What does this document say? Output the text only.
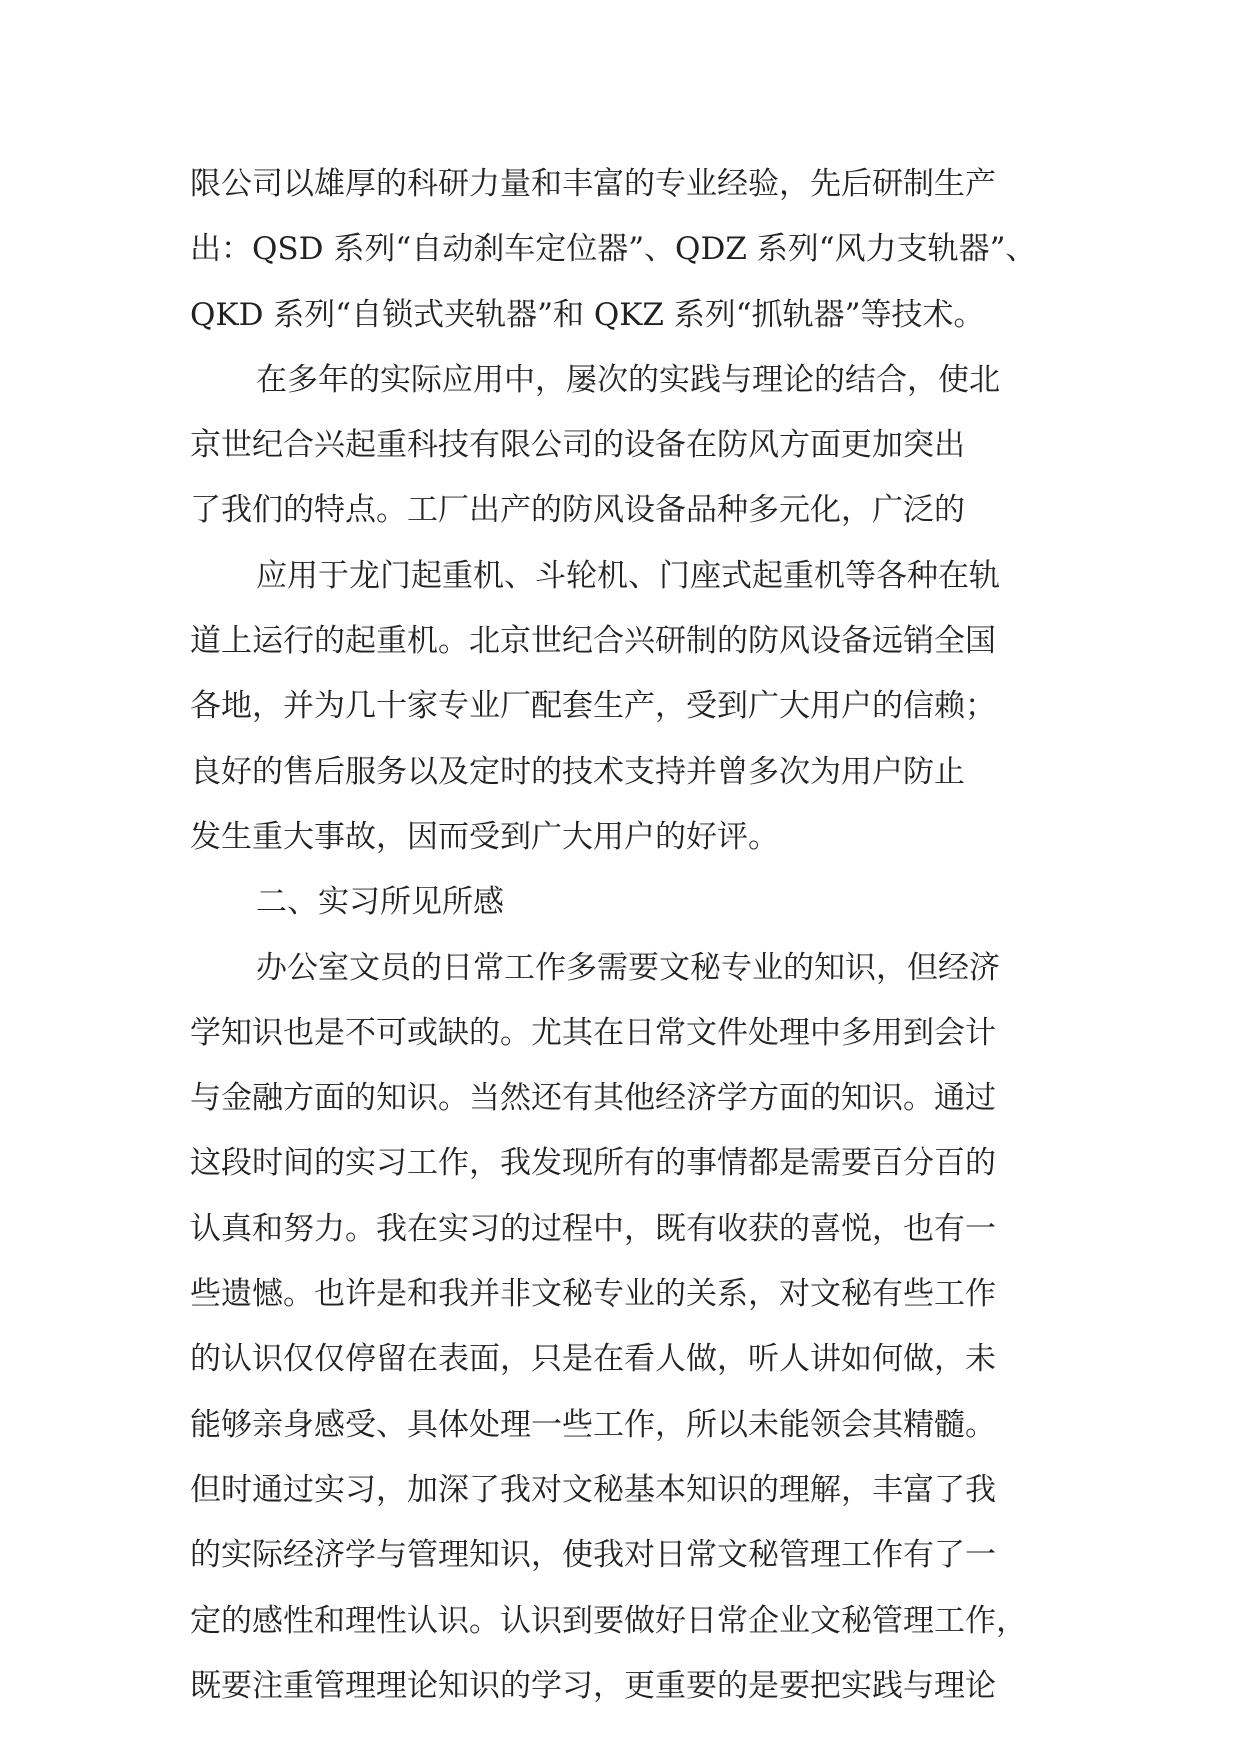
限公司以雄厚的科研力量和丰富的专业经验，先后研制生产
出：QSD 系列“自动刹车定位器”、QDZ 系列“风力支轨器”、
QKD 系列“自锁式夹轨器”和 QKZ 系列“抓轨器”等技术。
在多年的实际应用中，屡次的实践与理论的结合，使北
京世纪合兴起重科技有限公司的设备在防风方面更加突出
了我们的特点。工厂出产的防风设备品种多元化，广泛的
应用于龙门起重机、斗轮机、门座式起重机等各种在轨
道上运行的起重机。北京世纪合兴研制的防风设备远销全国
各地，并为几十家专业厂配套生产，受到广大用户的信赖；
良好的售后服务以及定时的技术支持并曾多次为用户防止
发生重大事故，因而受到广大用户的好评。
二、实习所见所感
办公室文员的日常工作多需要文秘专业的知识，但经济
学知识也是不可或缺的。尤其在日常文件处理中多用到会计
与金融方面的知识。当然还有其他经济学方面的知识。通过
这段时间的实习工作，我发现所有的事情都是需要百分百的
认真和努力。我在实习的过程中，既有收获的喜悦，也有一
些遗憾。也许是和我并非文秘专业的关系，对文秘有些工作
的认识仅仅停留在表面，只是在看人做，听人讲如何做，未
能够亲身感受、具体处理一些工作，所以未能领会其精髓。
但时通过实习，加深了我对文秘基本知识的理解，丰富了我
的实际经济学与管理知识，使我对日常文秘管理工作有了一
定的感性和理性认识。认识到要做好日常企业文秘管理工作，
既要注重管理理论知识的学习，更重要的是要把实践与理论
